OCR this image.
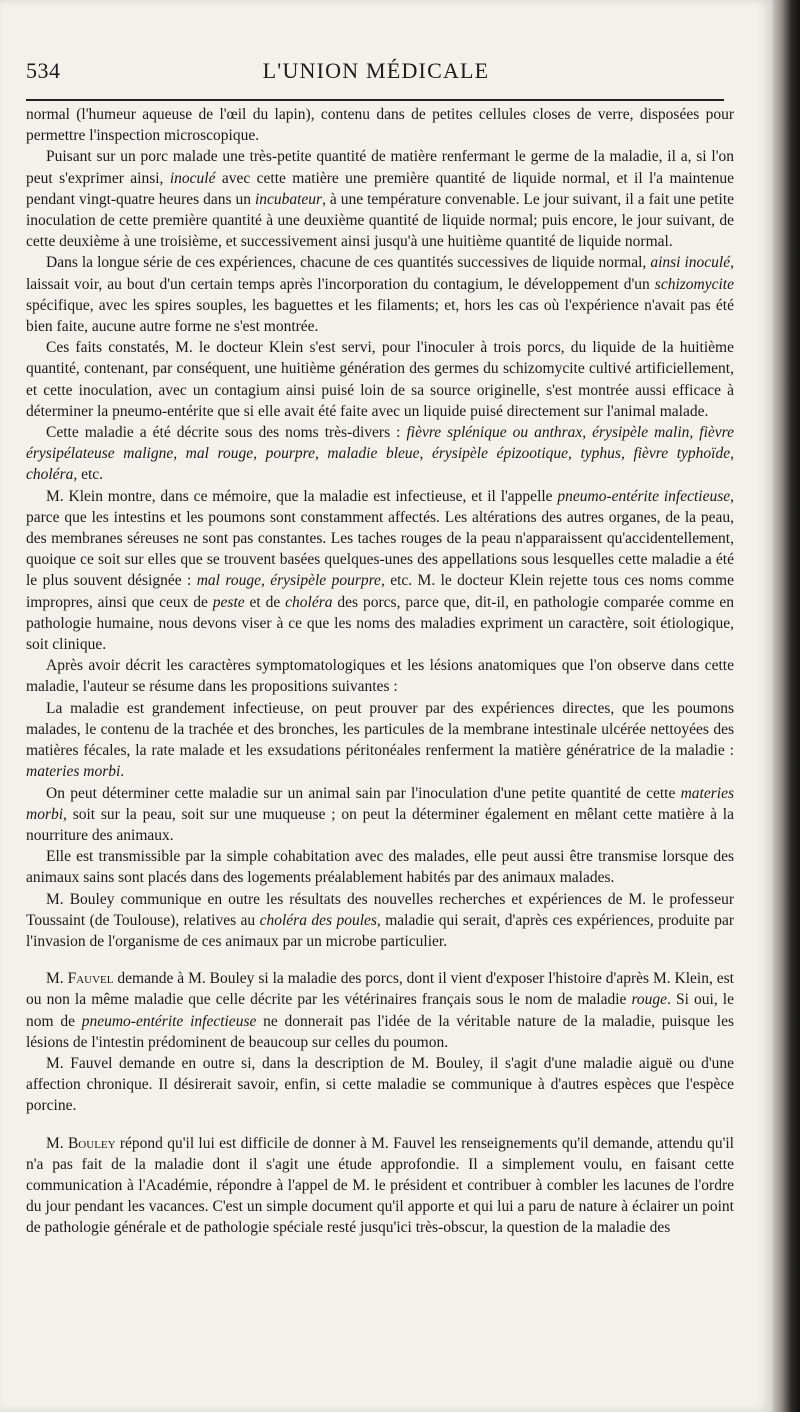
534	L'UNION MÉDICALE

normal (l'humeur aqueuse de l'œil du lapin), contenu dans de petites cellules closes de verre, disposées pour permettre l'inspection microscopique.

Puisant sur un porc malade une très-petite quantité de matière renfermant le germe de la maladie, il a, si l'on peut s'exprimer ainsi, inoculé avec cette matière une première quantité de liquide normal, et il l'a maintenue pendant vingt-quatre heures dans un incubateur, à une température convenable. Le jour suivant, il a fait une petite inoculation de cette première quantité à une deuxième quantité de liquide normal; puis encore, le jour suivant, de cette deuxième à une troisième, et successivement ainsi jusqu'à une huitième quantité de liquide normal.

Dans la longue série de ces expériences, chacune de ces quantités successives de liquide normal, ainsi inoculé, laissait voir, au bout d'un certain temps après l'incorporation du contagium, le développement d'un schizomycite spécifique, avec les spires souples, les baguettes et les filaments; et, hors les cas où l'expérience n'avait pas été bien faite, aucune autre forme ne s'est montrée.

Ces faits constatés, M. le docteur Klein s'est servi, pour l'inoculer à trois porcs, du liquide de la huitième quantité, contenant, par conséquent, une huitième génération des germes du schizomycite cultivé artificiellement, et cette inoculation, avec un contagium ainsi puisé loin de sa source originelle, s'est montrée aussi efficace à déterminer la pneumo-entérite que si elle avait été faite avec un liquide puisé directement sur l'animal malade.

Cette maladie a été décrite sous des noms très-divers : fièvre splénique ou anthrax, érysipèle malin, fièvre érysipélateuse maligne, mal rouge, pourpre, maladie bleue, érysipèle épizootique, typhus, fièvre typhoïde, choléra, etc.

M. Klein montre, dans ce mémoire, que la maladie est infectieuse, et il l'appelle pneumo-entérite infectieuse, parce que les intestins et les poumons sont constamment affectés. Les altérations des autres organes, de la peau, des membranes séreuses ne sont pas constantes. Les taches rouges de la peau n'apparaissent qu'accidentellement, quoique ce soit sur elles que se trouvent basées quelques-unes des appellations sous lesquelles cette maladie a été le plus souvent désignée : mal rouge, érysipèle pourpre, etc. M. le docteur Klein rejette tous ces noms comme impropres, ainsi que ceux de peste et de choléra des porcs, parce que, dit-il, en pathologie comparée comme en pathologie humaine, nous devons viser à ce que les noms des maladies expriment un caractère, soit étiologique, soit clinique.

Après avoir décrit les caractères symptomatologiques et les lésions anatomiques que l'on observe dans cette maladie, l'auteur se résume dans les propositions suivantes :

La maladie est grandement infectieuse, on peut prouver par des expériences directes, que les poumons malades, le contenu de la trachée et des bronches, les particules de la membrane intestinale ulcérée nettoyées des matières fécales, la rate malade et les exsudations péritonéales renferment la matière génératrice de la maladie : materies morbi.

On peut déterminer cette maladie sur un animal sain par l'inoculation d'une petite quantité de cette materies morbi, soit sur la peau, soit sur une muqueuse ; on peut la déterminer également en mêlant cette matière à la nourriture des animaux.

Elle est transmissible par la simple cohabitation avec des malades, elle peut aussi être transmise lorsque des animaux sains sont placés dans des logements préalablement habités par des animaux malades.

M. Bouley communique en outre les résultats des nouvelles recherches et expériences de M. le professeur Toussaint (de Toulouse), relatives au choléra des poules, maladie qui serait, d'après ces expériences, produite par l'invasion de l'organisme de ces animaux par un microbe particulier.

M. Fauvel demande à M. Bouley si la maladie des porcs, dont il vient d'exposer l'histoire d'après M. Klein, est ou non la même maladie que celle décrite par les vétérinaires français sous le nom de maladie rouge. Si oui, le nom de pneumo-entérite infectieuse ne donnerait pas l'idée de la véritable nature de la maladie, puisque les lésions de l'intestin prédominent de beaucoup sur celles du poumon.

M. Fauvel demande en outre si, dans la description de M. Bouley, il s'agit d'une maladie aiguë ou d'une affection chronique. Il désirerait savoir, enfin, si cette maladie se communique à d'autres espèces que l'espèce porcine.

M. Bouley répond qu'il lui est difficile de donner à M. Fauvel les renseignements qu'il demande, attendu qu'il n'a pas fait de la maladie dont il s'agit une étude approfondie. Il a simplement voulu, en faisant cette communication à l'Académie, répondre à l'appel de M. le président et contribuer à combler les lacunes de l'ordre du jour pendant les vacances. C'est un simple document qu'il apporte et qui lui a paru de nature à éclairer un point de pathologie générale et de pathologie spéciale resté jusqu'ici très-obscur, la question de la maladie des
